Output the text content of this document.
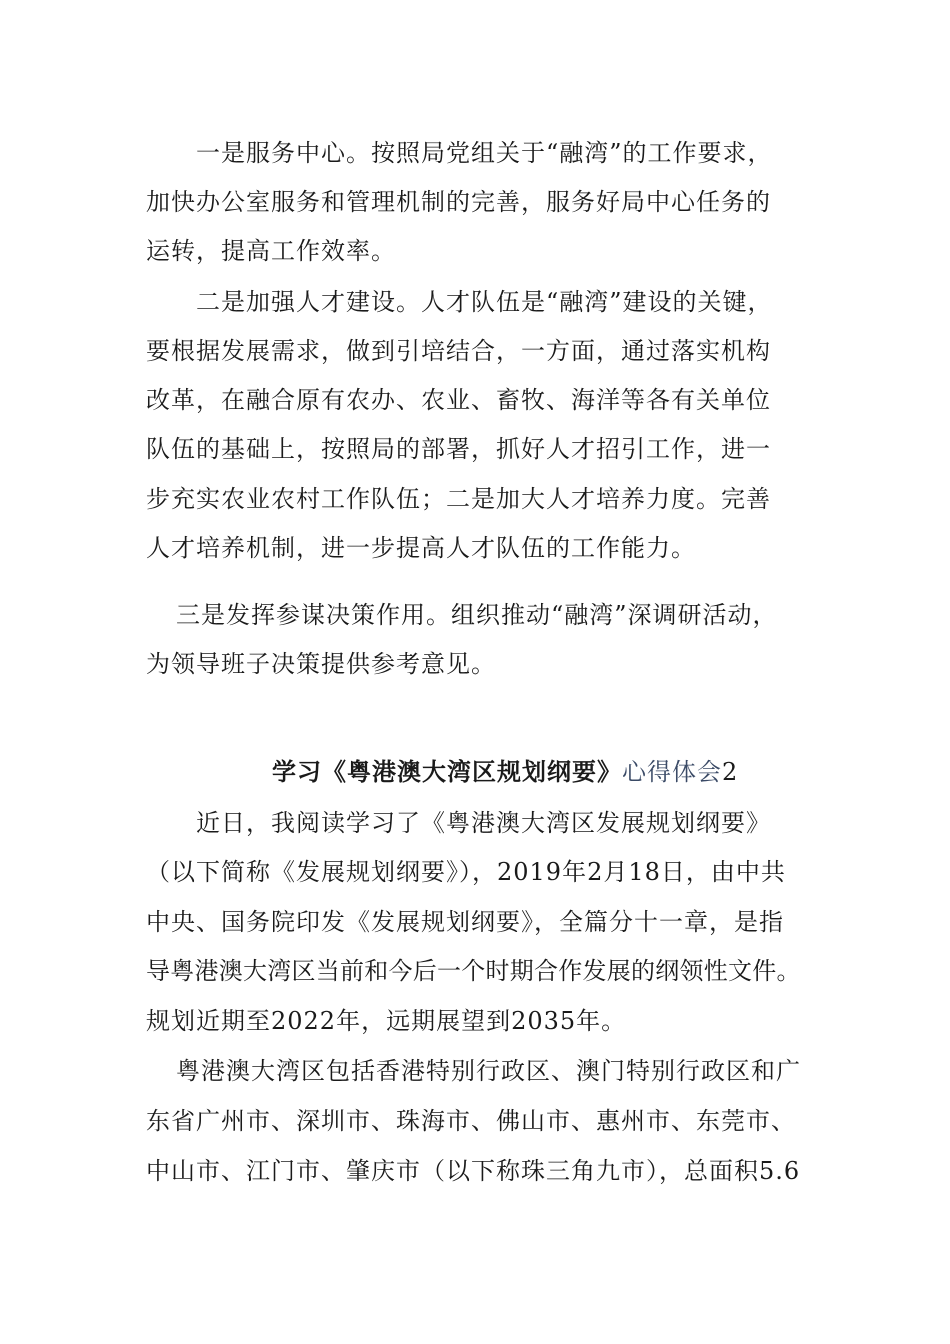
一是服务中心。按照局党组关于“融湾”的工作要求，
加快办公室服务和管理机制的完善，服务好局中心任务的
运转，提高工作效率。
二是加强人才建设。人才队伍是“融湾”建设的关键，
要根据发展需求，做到引培结合，一方面，通过落实机构
改革，在融合原有农办、农业、畜牧、海洋等各有关单位
队伍的基础上，按照局的部署，抓好人才招引工作，进一
步充实农业农村工作队伍；二是加大人才培养力度。完善
人才培养机制，进一步提高人才队伍的工作能力。
三是发挥参谋决策作用。组织推动“融湾”深调研活动，
为领导班子决策提供参考意见。
学习《粤港澳大湾区规划纲要》心得体会2
近日，我阅读学习了《粤港澳大湾区发展规划纲要》
（以下简称《发展规划纲要》），2019年2月18日，由中共
中央、国务院印发《发展规划纲要》，全篇分十一章，是指
导粤港澳大湾区当前和今后一个时期合作发展的纲领性文件。
规划近期至2022年，远期展望到2035年。
粤港澳大湾区包括香港特别行政区、澳门特别行政区和广
东省广州市、深圳市、珠海市、佛山市、惠州市、东莞市、
中山市、江门市、肇庆市（以下称珠三角九市），总面积5.6
